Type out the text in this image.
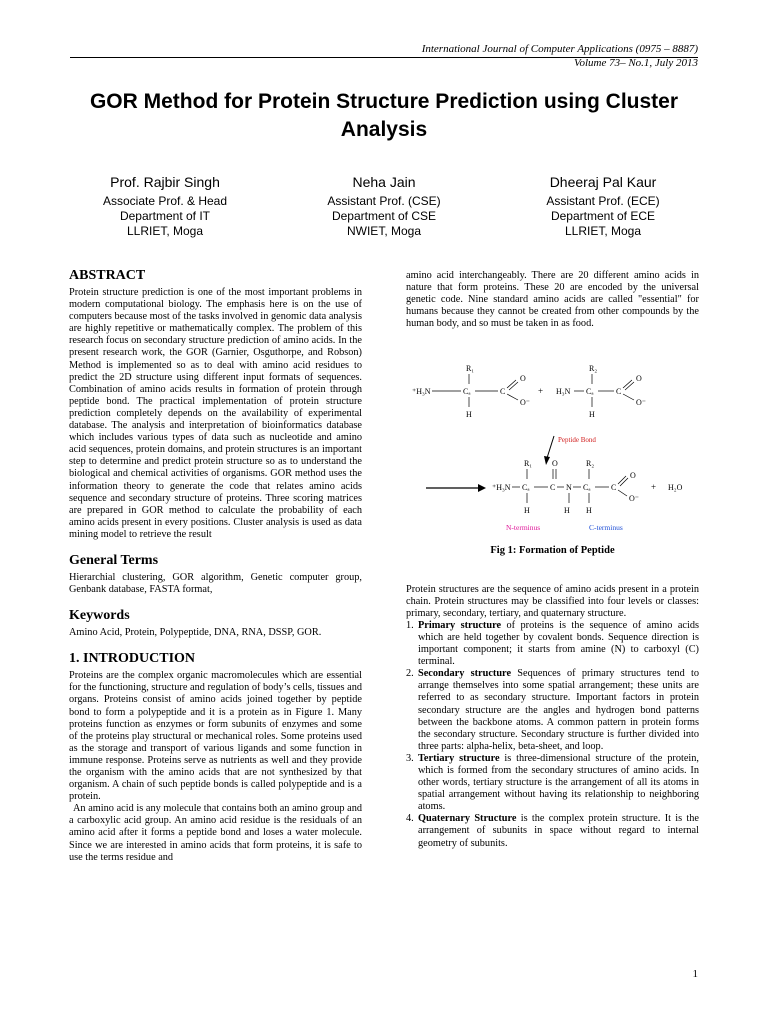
International Journal of Computer Applications (0975 – 8887)
Volume 73– No.1, July 2013
GOR Method for Protein Structure Prediction using Cluster Analysis
Prof. Rajbir Singh
Associate Prof. & Head
Department of IT
LLRIET, Moga
Neha Jain
Assistant Prof. (CSE)
Department of CSE
NWIET, Moga
Dheeraj Pal Kaur
Assistant Prof. (ECE)
Department of ECE
LLRIET, Moga
ABSTRACT

Protein structure prediction is one of the most important problems in modern computational biology. The emphasis here is on the use of computers because most of the tasks involved in genomic data analysis are highly repetitive or mathematically complex. The problem of this research focus on secondary structure prediction of amino acids. In the present research work, the GOR (Garnier, Osguthorpe, and Robson) Method is implemented so as to deal with amino acid residues to predict the 2D structure using different input formats of sequences. Combination of amino acids results in formation of protein through peptide bond. The practical implementation of protein structure prediction completely depends on the availability of experimental database. The analysis and interpretation of bioinformatics database which includes various types of data such as nucleotide and amino acid sequences, protein domains, and protein structures is an important step to determine and predict protein structure so as to understand the biological and chemical activities of organisms. GOR method uses the information theory to generate the code that relates amino acids sequence and secondary structure of proteins. Three scoring matrices are prepared in GOR method to calculate the probability of each amino acids present in every positions. Cluster analysis is used as data mining model to retrieve the result

General Terms

Hierarchial clustering, GOR algorithm, Genetic computer group, Genbank database, FASTA format,

Keywords

Amino Acid, Protein, Polypeptide, DNA, RNA, DSSP, GOR.

1. INTRODUCTION

Proteins are the complex organic macromolecules which are essential for the functioning, structure and regulation of body’s cells, tissues and organs. Proteins consist of amino acids joined together by peptide bond to form a polypeptide and it is a protein as in Figure 1. Many proteins function as enzymes or form subunits of enzymes and some of the proteins play structural or mechanical roles. Some proteins used as the storage and transport of various ligands and some function in immune response. Proteins serve as nutrients as well and they provide the organism with the amino acids that are not synthesized by that organism. A chain of such peptide bonds is called polypeptide and is a protein.

An amino acid is any molecule that contains both an amino group and a carboxylic acid group. An amino acid residue is the residuals of an amino acid after it forms a peptide bond and loses a water molecule. Since we are interested in amino acids that form proteins, it is safe to use the terms residue and

amino acid interchangeably. There are 20 different amino acids in nature that form proteins. These 20 are encoded by the universal genetic code. Nine standard amino acids are called "essential" for humans because they cannot be created from other compounds by the human body, and so must be taken in as food.

R₁
⁺H₃N	Cₐ	C
O
O⁻
H
+
R₂
H₃N Cₐ	C
O
O⁻
H
Peptide Bond
R₁ O	R₂
⁺H₃N Cₐ	C N Cₐ	C
O
O⁻
+ H₂O
H	H H
N-terminus	C-terminus
Fig 1: Formation of Peptide

Protein structures are the sequence of amino acids present in a protein chain. Protein structures may be classified into four levels or classes: primary, secondary, tertiary, and quaternary structure.

1. Primary structure of proteins is the sequence of amino acids which are held together by covalent bonds. Sequence direction is important component; it starts from amine (N) to carboxyl (C) terminal.
2. Secondary structure Sequences of primary structures tend to arrange themselves into some spatial arrangement; these units are referred to as secondary structure. Important factors in protein secondary structure are the angles and hydrogen bond patterns between the backbone atoms. A common pattern in protein forms the secondary structure. Secondary structure is further divided into three parts: alpha-helix, beta-sheet, and loop.
3. Tertiary structure is three-dimensional structure of the protein, which is formed from the secondary structures of amino acids. In other words, tertiary structure is the arrangement of all its atoms in spatial arrangement without having its relationship to neighboring atoms.
4. Quaternary Structure is the complex protein structure. It is the arrangement of subunits in space without regard to internal geometry of subunits.
1
